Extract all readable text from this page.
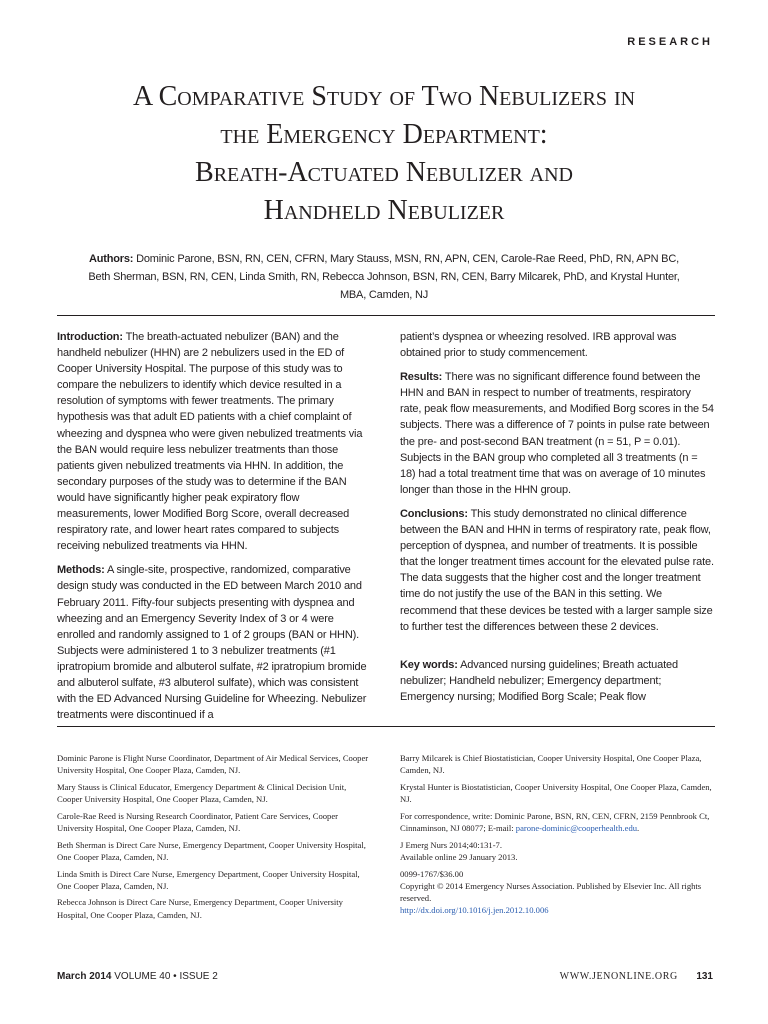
RESEARCH
A Comparative Study of Two Nebulizers in
the Emergency Department:
Breath-Actuated Nebulizer and
Handheld Nebulizer
Authors: Dominic Parone, BSN, RN, CEN, CFRN, Mary Stauss, MSN, RN, APN, CEN, Carole-Rae Reed, PhD, RN, APN BC, Beth Sherman, BSN, RN, CEN, Linda Smith, RN, Rebecca Johnson, BSN, RN, CEN, Barry Milcarek, PhD, and Krystal Hunter, MBA, Camden, NJ

Introduction: The breath-actuated nebulizer (BAN) and the handheld nebulizer (HHN) are 2 nebulizers used in the ED of Cooper University Hospital. The purpose of this study was to compare the nebulizers to identify which device resulted in a resolution of symptoms with fewer treatments. The primary hypothesis was that adult ED patients with a chief complaint of wheezing and dyspnea who were given nebulized treatments via the BAN would require less nebulizer treatments than those patients given nebulized treatments via HHN. In addition, the secondary purposes of the study was to determine if the BAN would have significantly higher peak expiratory flow measurements, lower Modified Borg Score, overall decreased respiratory rate, and lower heart rates compared to subjects receiving nebulized treatments via HHN.

Methods: A single-site, prospective, randomized, comparative design study was conducted in the ED between March 2010 and February 2011. Fifty-four subjects presenting with dyspnea and wheezing and an Emergency Severity Index of 3 or 4 were enrolled and randomly assigned to 1 of 2 groups (BAN or HHN). Subjects were administered 1 to 3 nebulizer treatments (#1 ipratropium bromide and albuterol sulfate, #2 ipratropium bromide and albuterol sulfate, #3 albuterol sulfate), which was consistent with the ED Advanced Nursing Guideline for Wheezing. Nebulizer treatments were discontinued if a

patient’s dyspnea or wheezing resolved. IRB approval was obtained prior to study commencement.

Results: There was no significant difference found between the HHN and BAN in respect to number of treatments, respiratory rate, peak flow measurements, and Modified Borg scores in the 54 subjects. There was a difference of 7 points in pulse rate between the pre- and post-second BAN treatment (n = 51, P = 0.01). Subjects in the BAN group who completed all 3 treatments (n = 18) had a total treatment time that was on average of 10 minutes longer than those in the HHN group.

Conclusions: This study demonstrated no clinical difference between the BAN and HHN in terms of respiratory rate, peak flow, perception of dyspnea, and number of treatments. It is possible that the longer treatment times account for the elevated pulse rate. The data suggests that the higher cost and the longer treatment time do not justify the use of the BAN in this setting. We recommend that these devices be tested with a larger sample size to further test the differences between these 2 devices.

Key words: Advanced nursing guidelines; Breath actuated nebulizer; Handheld nebulizer; Emergency department; Emergency nursing; Modified Borg Scale; Peak flow

Dominic Parone is Flight Nurse Coordinator, Department of Air Medical Services, Cooper University Hospital, One Cooper Plaza, Camden, NJ.

Mary Stauss is Clinical Educator, Emergency Department & Clinical Decision Unit, Cooper University Hospital, One Cooper Plaza, Camden, NJ.

Carole-Rae Reed is Nursing Research Coordinator, Patient Care Services, Cooper University Hospital, One Cooper Plaza, Camden, NJ.

Beth Sherman is Direct Care Nurse, Emergency Department, Cooper University Hospital, One Cooper Plaza, Camden, NJ.

Linda Smith is Direct Care Nurse, Emergency Department, Cooper University Hospital, One Cooper Plaza, Camden, NJ.

Rebecca Johnson is Direct Care Nurse, Emergency Department, Cooper University Hospital, One Cooper Plaza, Camden, NJ.

Barry Milcarek is Chief Biostatistician, Cooper University Hospital, One Cooper Plaza, Camden, NJ.

Krystal Hunter is Biostatistician, Cooper University Hospital, One Cooper Plaza, Camden, NJ.

For correspondence, write: Dominic Parone, BSN, RN, CEN, CFRN, 2159 Pennbrook Ct, Cinnaminson, NJ 08077; E-mail: parone-dominic@cooperhealth.edu.

J Emerg Nurs 2014;40:131-7.
Available online 29 January 2013.
0099-1767/$36.00
Copyright © 2014 Emergency Nurses Association. Published by Elsevier Inc. All rights reserved.
http://dx.doi.org/10.1016/j.jen.2012.10.006
March 2014 VOLUME 40 • ISSUE 2	WWW.JENONLINE.ORG 131
